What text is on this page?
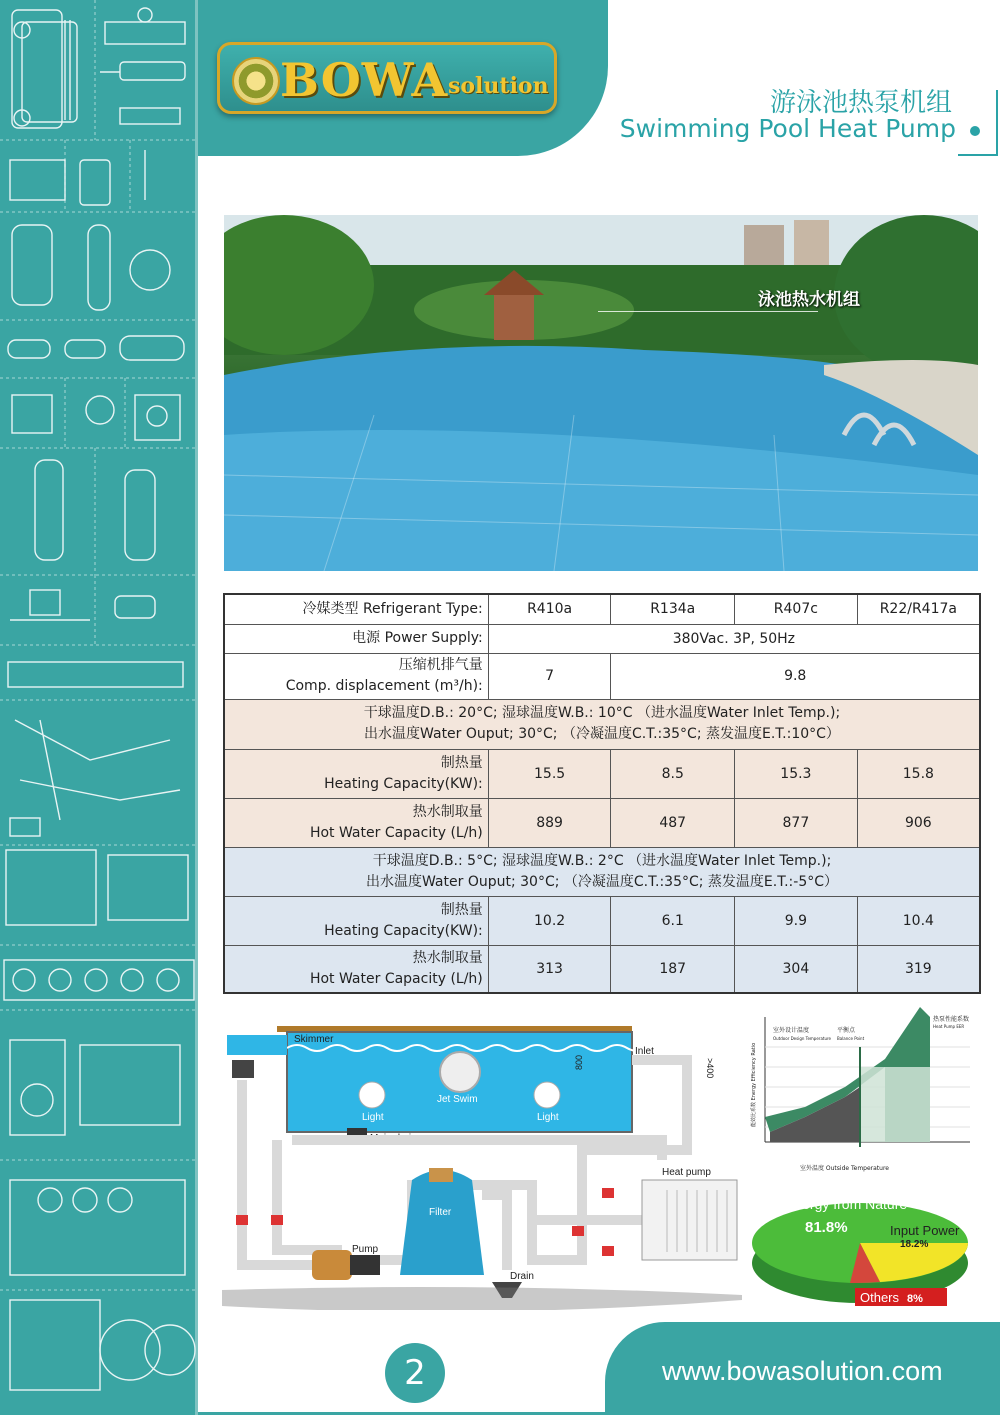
BOWA solution
游泳池热泵机组
Swimming Pool Heat Pump
泳池热水机组
冷媒类型 Refrigerant Type:	R410a	R134a	R407c	R22/R417a
电源 Power Supply:	380Vac. 3P, 50Hz			

压缩机排气量
Comp. displacement (m³/h):	7	9.8		

干球温度D.B.: 20°C; 湿球温度W.B.: 10°C （进水温度Water Inlet Temp.);
出水温度Water Ouput; 30°C; （冷凝温度C.T.:35°C; 蒸发温度E.T.:10°C）				

制热量
Heating Capacity(KW):	15.5	8.5	15.3	15.8

热水制取量
Hot Water Capacity (L/h)	889	487	877	906

干球温度D.B.: 5°C; 湿球温度W.B.: 2°C （进水温度Water Inlet Temp.);
出水温度Water Ouput; 30°C; （冷凝温度C.T.:35°C; 蒸发温度E.T.:-5°C）				

制热量
Heating Capacity(KW):	10.2	6.1	9.9	10.4

热水制取量
Hot Water Capacity (L/h)	313	187	304	319
Skimmer
Inlet
800	>400
Light
Jet Swim
Light
Main drain
Heat pump
Filter
Pump
Drain
室外设计温度
Outdoor Design Temperature
平衡点
Balance Point
热泵性能系数
Heat Pump EER
室外温度 Outside Temperature
能效比系数 Energy Efficiency Ratio
Energy from Nature
81.8%	Input Power
18.2%
Others 8%
2	www.bowasolution.com
